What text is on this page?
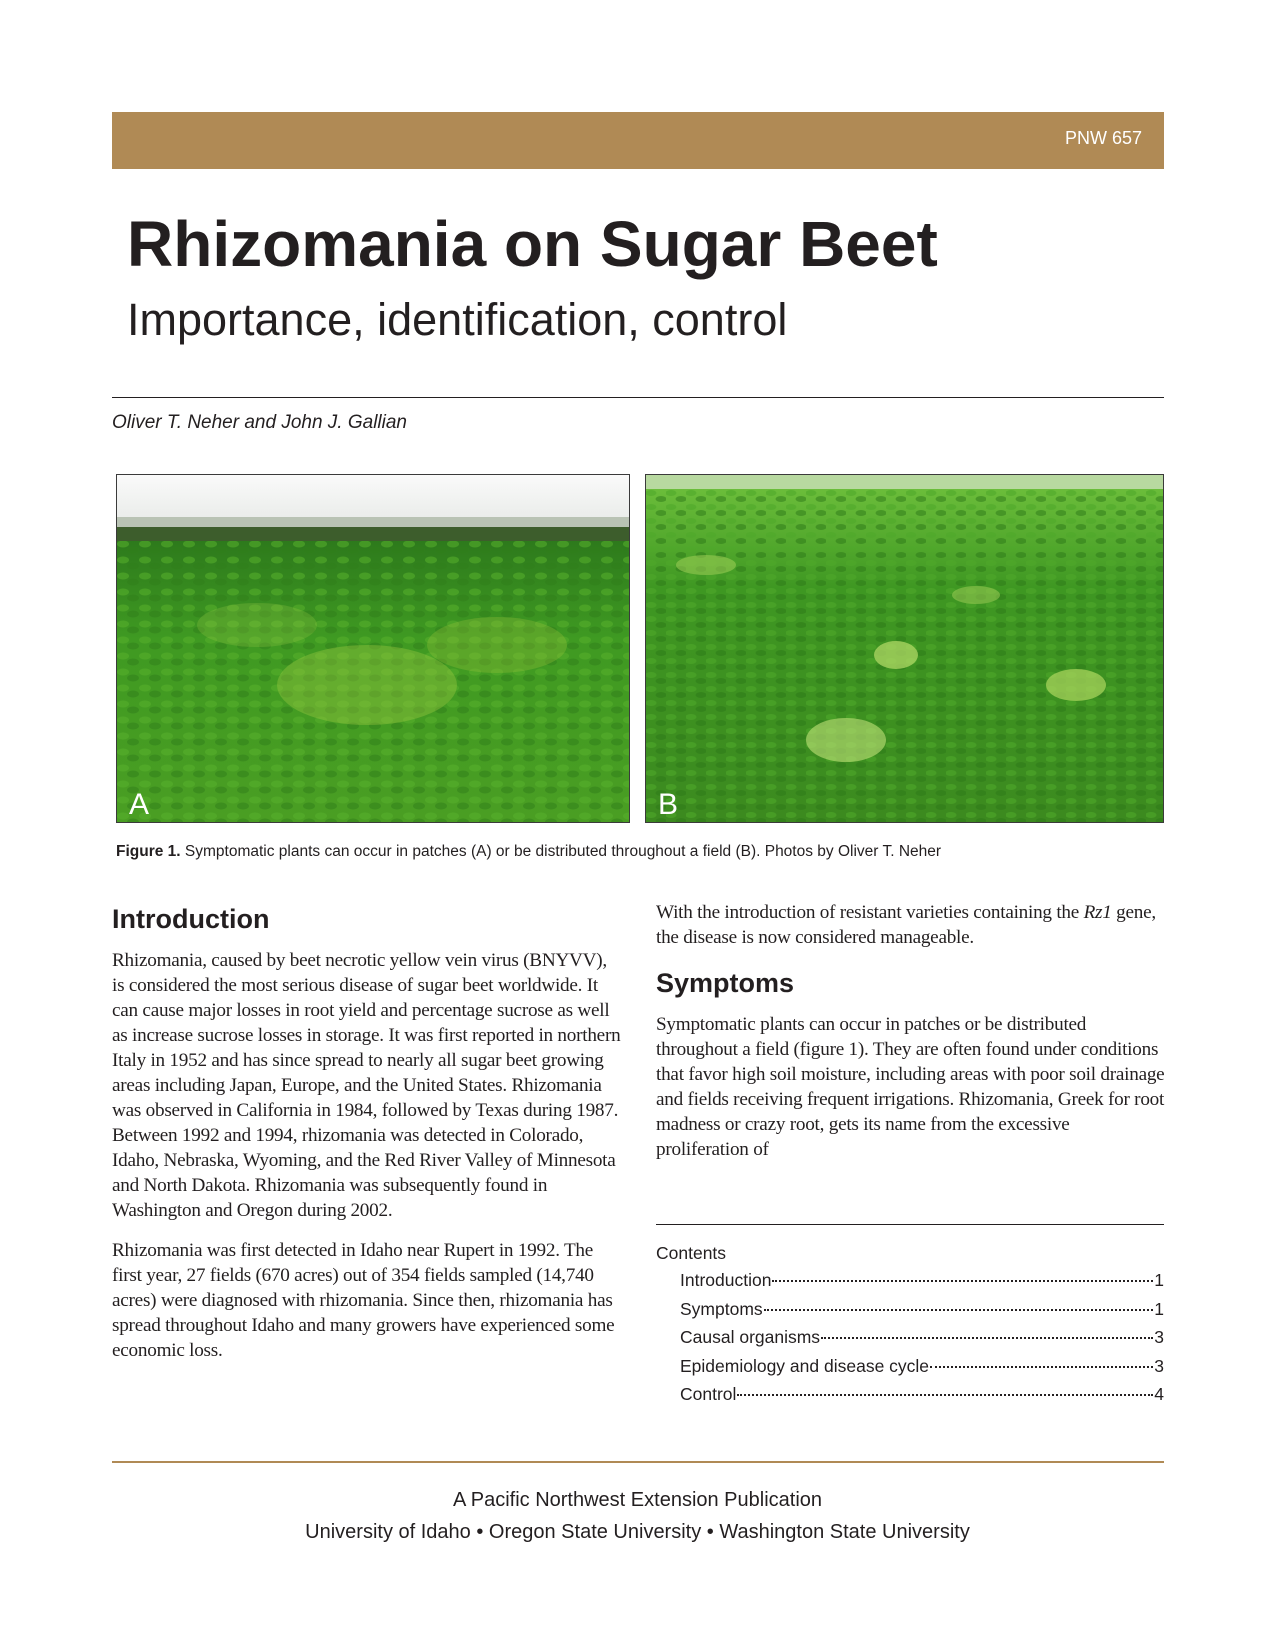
PNW 657
Rhizomania on Sugar Beet
Importance, identification, control
Oliver T. Neher and John J. Gallian
A	B
Figure 1. Symptomatic plants can occur in patches (A) or be distributed throughout a field (B). Photos by Oliver T. Neher
Introduction

Rhizomania, caused by beet necrotic yellow vein virus (BNYVV), is considered the most serious disease of sugar beet worldwide. It can cause major losses in root yield and percentage sucrose as well as increase sucrose losses in storage. It was first reported in northern Italy in 1952 and has since spread to nearly all sugar beet growing areas including Japan, Europe, and the United States. Rhizomania was observed in California in 1984, followed by Texas during 1987. Between 1992 and 1994, rhizomania was detected in Colorado, Idaho, Nebraska, Wyoming, and the Red River Valley of Minnesota and North Dakota. Rhizomania was subsequently found in Washington and Oregon during 2002.

Rhizomania was first detected in Idaho near Rupert in 1992. The first year, 27 fields (670 acres) out of 354 fields sampled (14,740 acres) were diagnosed with rhizomania. Since then, rhizomania has spread throughout Idaho and many growers have experienced some economic loss.

With the introduction of resistant varieties containing the Rz1 gene, the disease is now considered manageable.

Symptoms

Symptomatic plants can occur in patches or be distributed throughout a field (figure 1). They are often found under conditions that favor high soil moisture, including areas with poor soil drainage and fields receiving frequent irrigations. Rhizomania, Greek for root madness or crazy root, gets its name from the excessive proliferation of

Contents
Introduction	1
Symptoms	1
Causal organisms	3
Epidemiology and disease cycle	3
Control	4
A Pacific Northwest Extension Publication
University of Idaho • Oregon State University • Washington State University
